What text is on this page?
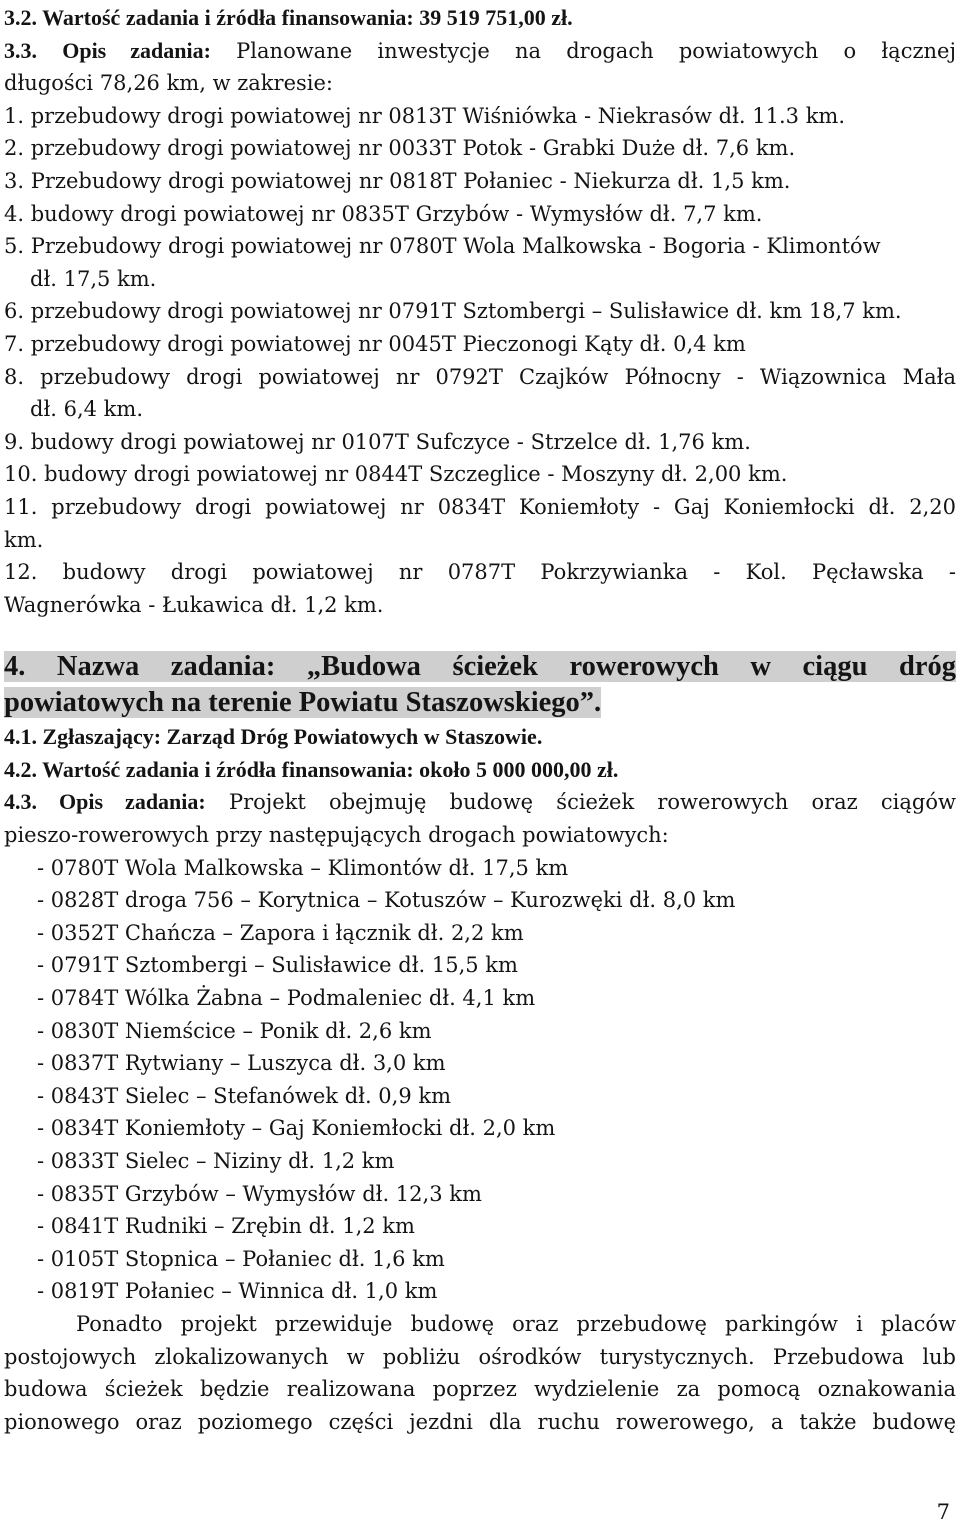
3.2. Wartość zadania i źródła finansowania: 39 519 751,00 zł.
3.3. Opis zadania: Planowane inwestycje na drogach powiatowych o łącznej
długości 78,26 km, w zakresie:
1. przebudowy drogi powiatowej nr 0813T Wiśniówka - Niekrasów dł. 11.3 km.
2. przebudowy drogi powiatowej nr 0033T Potok - Grabki Duże dł. 7,6 km.
3. Przebudowy drogi powiatowej nr 0818T Połaniec - Niekurza dł. 1,5 km.
4. budowy drogi powiatowej nr 0835T Grzybów - Wymysłów dł. 7,7 km.
5. Przebudowy drogi powiatowej nr 0780T Wola Malkowska - Bogoria - Klimontów
dł. 17,5 km.
6. przebudowy drogi powiatowej nr 0791T Sztombergi – Sulisławice dł. km 18,7 km.
7. przebudowy drogi powiatowej nr 0045T Pieczonogi Kąty dł. 0,4 km
8. przebudowy drogi powiatowej nr 0792T Czajków Północny - Wiązownica Mała
dł. 6,4 km.
9. budowy drogi powiatowej nr 0107T Sufczyce - Strzelce dł. 1,76 km.
10. budowy drogi powiatowej nr 0844T Szczeglice - Moszyny dł. 2,00 km.
11. przebudowy drogi powiatowej nr 0834T Koniemłoty - Gaj Koniemłocki dł. 2,20
km.
12. budowy drogi powiatowej nr 0787T Pokrzywianka - Kol. Pęcławska -
Wagnerówka - Łukawica dł. 1,2 km.
4. Nazwa zadania: „Budowa ścieżek rowerowych w ciągu dróg
powiatowych na terenie Powiatu Staszowskiego”.
4.1. Zgłaszający: Zarząd Dróg Powiatowych w Staszowie.
4.2. Wartość zadania i źródła finansowania: około 5 000 000,00 zł.
4.3. Opis zadania: Projekt obejmuję budowę ścieżek rowerowych oraz ciągów
pieszo-rowerowych przy następujących drogach powiatowych:
- 0780T Wola Malkowska – Klimontów dł. 17,5 km
- 0828T droga 756 – Korytnica – Kotuszów – Kurozwęki dł. 8,0 km
- 0352T Chańcza – Zapora i łącznik dł. 2,2 km
- 0791T Sztombergi – Sulisławice dł. 15,5 km
- 0784T Wólka Żabna – Podmaleniec dł. 4,1 km
- 0830T Niemścice – Ponik dł. 2,6 km
- 0837T Rytwiany – Luszyca dł. 3,0 km
- 0843T Sielec – Stefanówek dł. 0,9 km
- 0834T Koniemłoty – Gaj Koniemłocki dł. 2,0 km
- 0833T Sielec – Niziny dł. 1,2 km
- 0835T Grzybów – Wymysłów dł. 12,3 km
- 0841T Rudniki – Zrębin dł. 1,2 km
- 0105T Stopnica – Połaniec dł. 1,6 km
- 0819T Połaniec – Winnica dł. 1,0 km
Ponadto projekt przewiduje budowę oraz przebudowę parkingów i placów
postojowych zlokalizowanych w pobliżu ośrodków turystycznych. Przebudowa lub
budowa ścieżek będzie realizowana poprzez wydzielenie za pomocą oznakowania
pionowego oraz poziomego części jezdni dla ruchu rowerowego, a także budowę
7
